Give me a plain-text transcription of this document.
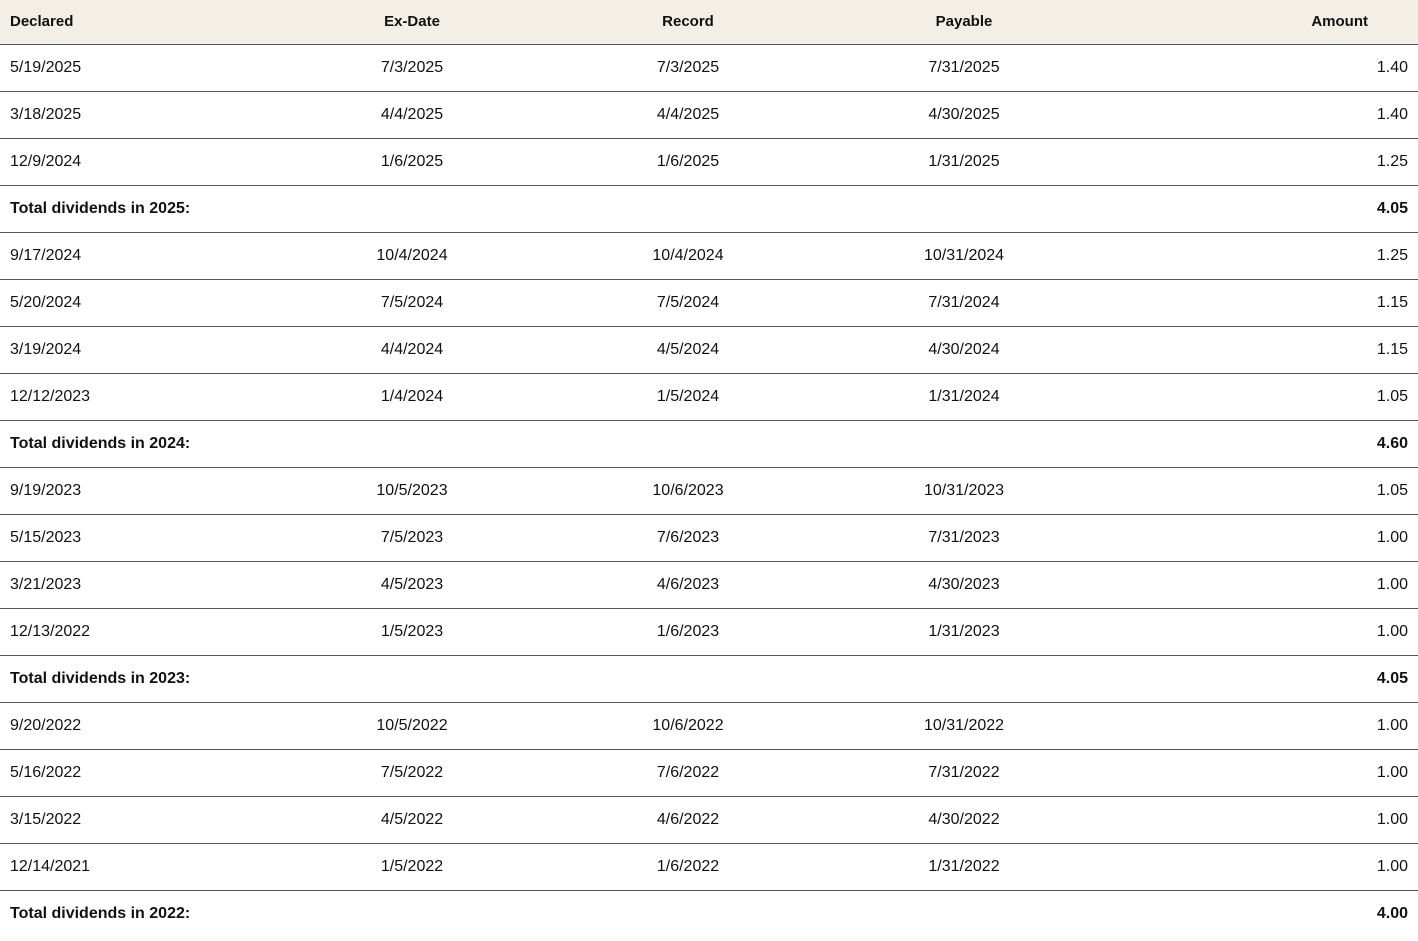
Declared	Ex-Date	Record	Payable	Amount
5/19/2025	7/3/2025	7/3/2025	7/31/2025	1.40
3/18/2025	4/4/2025	4/4/2025	4/30/2025	1.40
12/9/2024	1/6/2025	1/6/2025	1/31/2025	1.25
Total dividends in 2025:				4.05
9/17/2024	10/4/2024	10/4/2024	10/31/2024	1.25
5/20/2024	7/5/2024	7/5/2024	7/31/2024	1.15
3/19/2024	4/4/2024	4/5/2024	4/30/2024	1.15
12/12/2023	1/4/2024	1/5/2024	1/31/2024	1.05
Total dividends in 2024:				4.60
9/19/2023	10/5/2023	10/6/2023	10/31/2023	1.05
5/15/2023	7/5/2023	7/6/2023	7/31/2023	1.00
3/21/2023	4/5/2023	4/6/2023	4/30/2023	1.00
12/13/2022	1/5/2023	1/6/2023	1/31/2023	1.00
Total dividends in 2023:				4.05
9/20/2022	10/5/2022	10/6/2022	10/31/2022	1.00
5/16/2022	7/5/2022	7/6/2022	7/31/2022	1.00
3/15/2022	4/5/2022	4/6/2022	4/30/2022	1.00
12/14/2021	1/5/2022	1/6/2022	1/31/2022	1.00
Total dividends in 2022:				4.00
